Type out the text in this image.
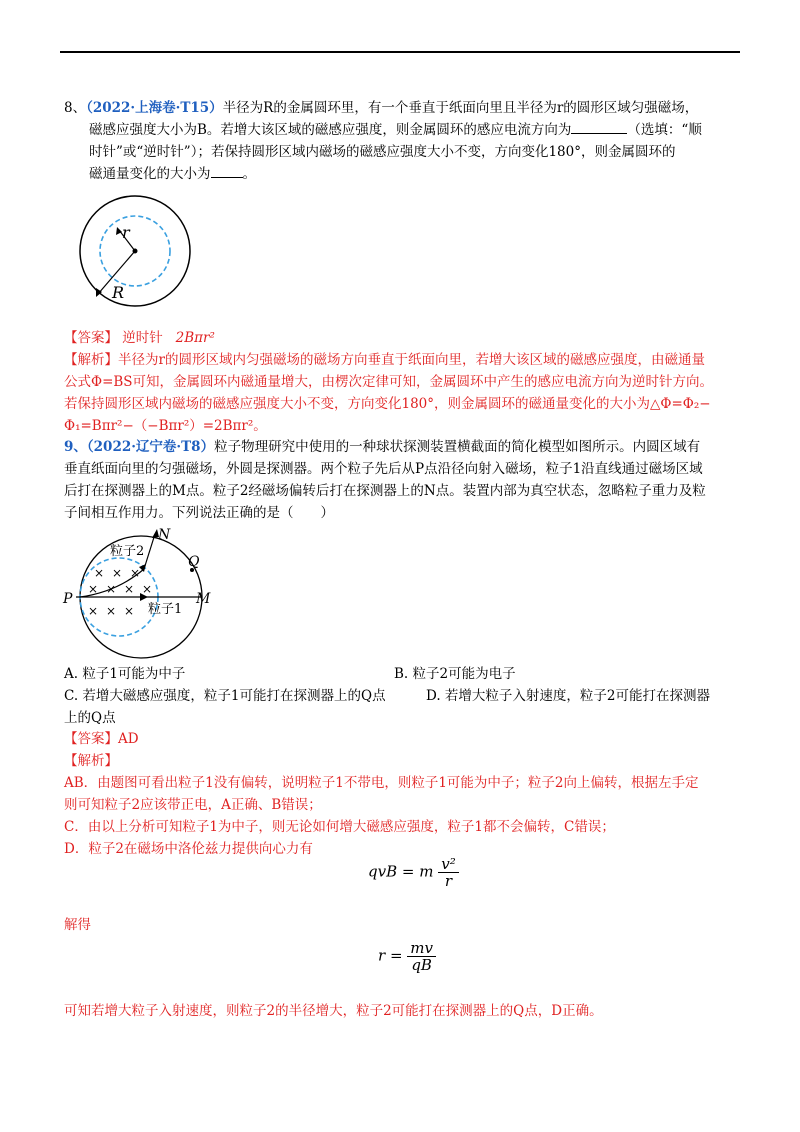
8、（2022·上海卷·T15）半径为R的金属圆环里，有一个垂直于纸面向里且半径为r的圆形区域匀强磁场，
磁感应强度大小为B。若增大该区域的磁感应强度，则金属圆环的感应电流方向为	（选填：“顺
时针”或“逆时针”）；若保持圆形区域内磁场的磁感应强度大小不变，方向变化180°，则金属圆环的
磁通量变化的大小为 。
r
R
【答案】 逆时针 2Bπr²
【解析】半径为r的圆形区域内匀强磁场的磁场方向垂直于纸面向里，若增大该区域的磁感应强度，由磁通量
公式Φ=BS可知，金属圆环内磁通量增大，由楞次定律可知，金属圆环中产生的感应电流方向为逆时针方向。
若保持圆形区域内磁场的磁感应强度大小不变，方向变化180°，则金属圆环的磁通量变化的大小为△Φ=Φ₂−
Φ₁=Bπr²−（−Bπr²）=2Bπr²。
9、（2022·辽宁卷·T8）粒子物理研究中使用的一种球状探测装置横截面的简化模型如图所示。内圆区域有
垂直纸面向里的匀强磁场，外圆是探测器。两个粒子先后从P点沿径向射入磁场，粒子1沿直线通过磁场区域
后打在探测器上的M点。粒子2经磁场偏转后打在探测器上的N点。装置内部为真空状态，忽略粒子重力及粒
子间相互作用力。下列说法正确的是（　　）
× × ×
× × × ×
× × ×
粒子2
粒子1
N
Q
P	M
A. 粒子1可能为中子	B. 粒子2可能为电子
C. 若增大磁感应强度，粒子1可能打在探测器上的Q点	D. 若增大粒子入射速度，粒子2可能打在探测器
上的Q点
【答案】AD
【解析】
AB．由题图可看出粒子1没有偏转，说明粒子1不带电，则粒子1可能为中子；粒子2向上偏转，根据左手定
则可知粒子2应该带正电，A正确、B错误；
C．由以上分析可知粒子1为中子，则无论如何增大磁感应强度，粒子1都不会偏转，C错误；
D．粒子2在磁场中洛伦兹力提供向心力有
qvB = m $\frac{\text{v²}}{r}$
解得
$r = \frac{mv}{qB}$
可知若增大粒子入射速度，则粒子2的半径增大，粒子2可能打在探测器上的Q点，D正确。
